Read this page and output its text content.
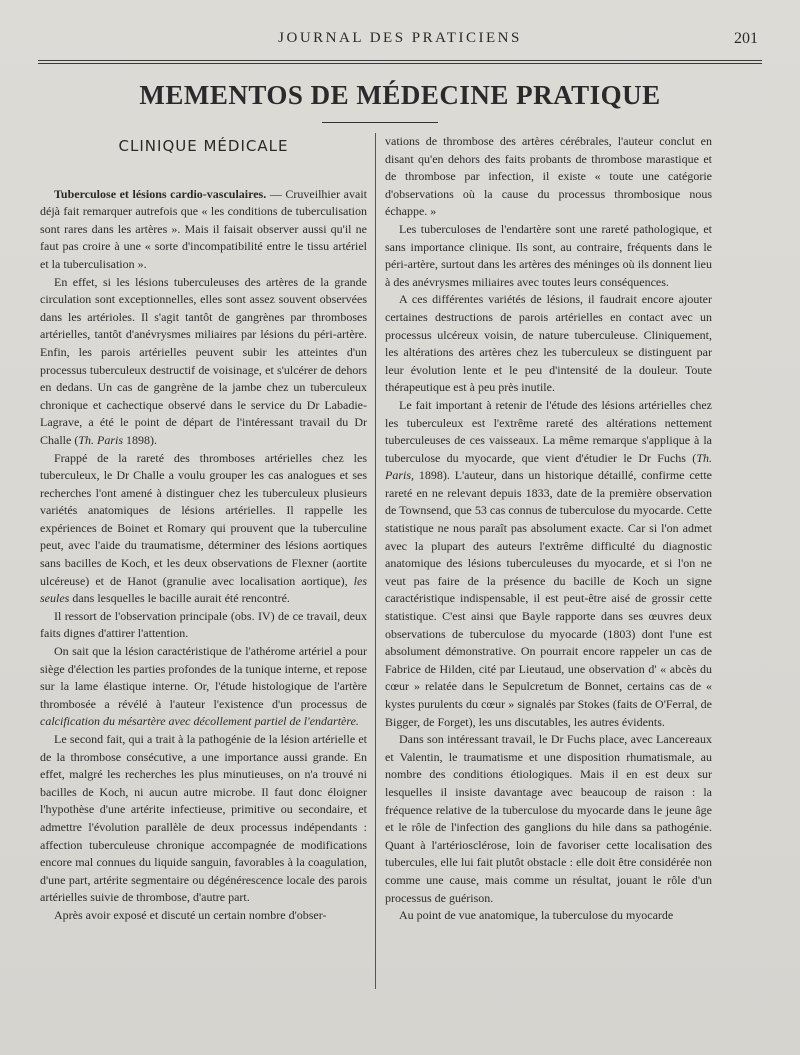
JOURNAL DES PRATICIENS	201
MEMENTOS DE MÉDECINE PRATIQUE
CLINIQUE MÉDICALE

Tuberculose et lésions cardio-vasculaires. — Cruveilhier avait déjà fait remarquer autrefois que « les conditions de tuberculisation sont rares dans les artères ». Mais il faisait observer aussi qu'il ne faut pas croire à une « sorte d'incompatibilité entre le tissu artériel et la tuberculisation ».

En effet, si les lésions tuberculeuses des artères de la grande circulation sont exceptionnelles, elles sont assez souvent observées dans les artérioles. Il s'agit tantôt de gangrènes par thromboses artérielles, tantôt d'anévrysmes miliaires par lésions du péri-artère. Enfin, les parois artérielles peuvent subir les atteintes d'un processus tuberculeux destructif de voisinage, et s'ulcérer de dehors en dedans. Un cas de gangrène de la jambe chez un tuberculeux chronique et cachectique observé dans le service du Dr Labadie-Lagrave, a été le point de départ de l'intéressant travail du Dr Challe (Th. Paris 1898).

Frappé de la rareté des thromboses artérielles chez les tuberculeux, le Dr Challe a voulu grouper les cas analogues et ses recherches l'ont amené à distinguer chez les tuberculeux plusieurs variétés anatomiques de lésions artérielles. Il rappelle les expériences de Boinet et Romary qui prouvent que la tuberculine peut, avec l'aide du traumatisme, déterminer des lésions aortiques sans bacilles de Koch, et les deux observations de Flexner (aortite ulcéreuse) et de Hanot (granulie avec localisation aortique), les seules dans lesquelles le bacille aurait été rencontré.

Il ressort de l'observation principale (obs. IV) de ce travail, deux faits dignes d'attirer l'attention.

On sait que la lésion caractéristique de l'athérome artériel a pour siège d'élection les parties profondes de la tunique interne, et repose sur la lame élastique interne. Or, l'étude histologique de l'artère thrombosée a révélé à l'auteur l'existence d'un processus de calcification du mésartère avec décollement partiel de l'endartère.

Le second fait, qui a trait à la pathogénie de la lésion artérielle et de la thrombose consécutive, a une importance aussi grande. En effet, malgré les recherches les plus minutieuses, on n'a trouvé ni bacilles de Koch, ni aucun autre microbe. Il faut donc éloigner l'hypothèse d'une artérite infectieuse, primitive ou secondaire, et admettre l'évolution parallèle de deux processus indépendants : affection tuberculeuse chronique accompagnée de modifications encore mal connues du liquide sanguin, favorables à la coagulation, d'une part, artérite segmentaire ou dégénérescence locale des parois artérielles suivie de thrombose, d'autre part.

Après avoir exposé et discuté un certain nombre d'obser-

vations de thrombose des artères cérébrales, l'auteur conclut en disant qu'en dehors des faits probants de thrombose marastique et de thrombose par infection, il existe « toute une catégorie d'observations où la cause du processus thrombosique nous échappe. »

Les tuberculoses de l'endartère sont une rareté pathologique, et sans importance clinique. Ils sont, au contraire, fréquents dans le péri-artère, surtout dans les artères des méninges où ils donnent lieu à des anévrysmes miliaires avec toutes leurs conséquences.

A ces différentes variétés de lésions, il faudrait encore ajouter certaines destructions de parois artérielles en contact avec un processus ulcéreux voisin, de nature tuberculeuse. Cliniquement, les altérations des artères chez les tuberculeux se distinguent par leur évolution lente et le peu d'intensité de la douleur. Toute thérapeutique est à peu près inutile.

Le fait important à retenir de l'étude des lésions artérielles chez les tuberculeux est l'extrême rareté des altérations nettement tuberculeuses de ces vaisseaux. La même remarque s'applique à la tuberculose du myocarde, que vient d'étudier le Dr Fuchs (Th. Paris, 1898). L'auteur, dans un historique détaillé, confirme cette rareté en ne relevant depuis 1833, date de la première observation de Townsend, que 53 cas connus de tuberculose du myocarde. Cette statistique ne nous paraît pas absolument exacte. Car si l'on admet avec la plupart des auteurs l'extrême difficulté du diagnostic anatomique des lésions tuberculeuses du myocarde, et si l'on ne veut pas faire de la présence du bacille de Koch un signe caractéristique indispensable, il est peut-être aisé de grossir cette statistique. C'est ainsi que Bayle rapporte dans ses œuvres deux observations de tuberculose du myocarde (1803) dont l'une est absolument démonstrative. On pourrait encore rappeler un cas de Fabrice de Hilden, cité par Lieutaud, une observation d' « abcès du cœur » relatée dans le Sepulcretum de Bonnet, certains cas de « kystes purulents du cœur » signalés par Stokes (faits de O'Ferral, de Bigger, de Forget), les uns discutables, les autres évidents.

Dans son intéressant travail, le Dr Fuchs place, avec Lancereaux et Valentin, le traumatisme et une disposition rhumatismale, au nombre des conditions étiologiques. Mais il en est deux sur lesquelles il insiste davantage avec beaucoup de raison : la fréquence relative de la tuberculose du myocarde dans le jeune âge et le rôle de l'infection des ganglions du hile dans sa pathogénie. Quant à l'artériosclérose, loin de favoriser cette localisation des tubercules, elle lui fait plutôt obstacle : elle doit être considérée non comme une cause, mais comme un résultat, jouant le rôle d'un processus de guérison.

Au point de vue anatomique, la tuberculose du myocarde
